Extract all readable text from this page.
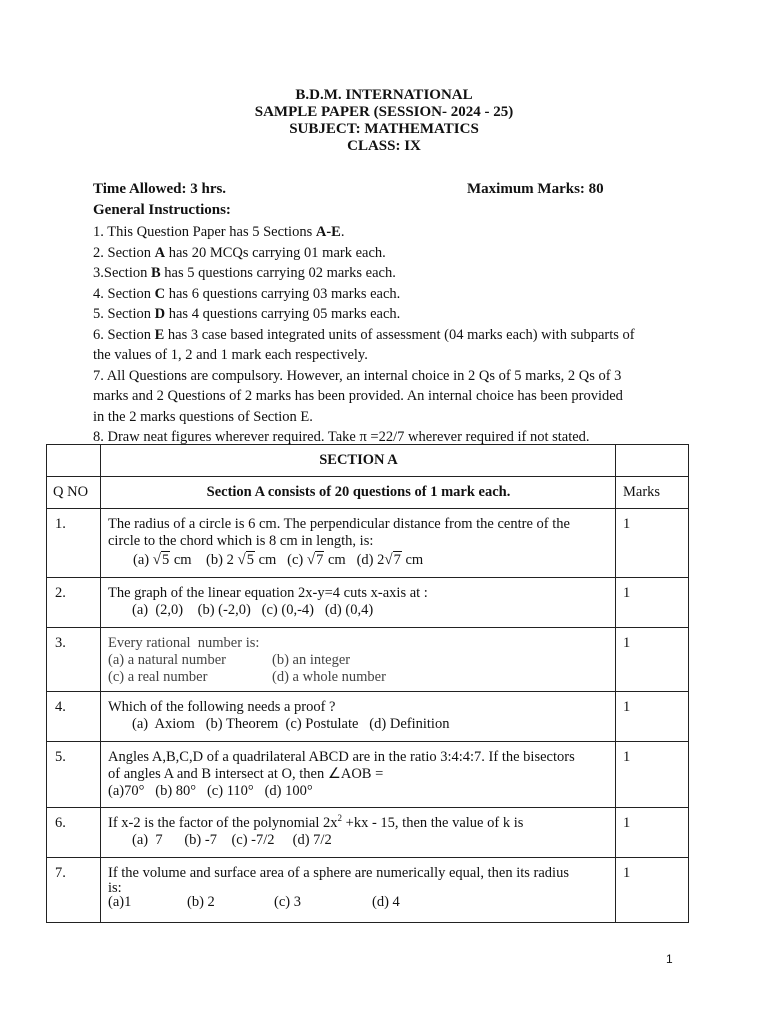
B.D.M. INTERNATIONAL
SAMPLE PAPER (SESSION- 2024 - 25)
SUBJECT: MATHEMATICS
CLASS: IX
Time Allowed: 3 hrs.	Maximum Marks: 80
General Instructions:
1. This Question Paper has 5 Sections A-E.
2. Section A has 20 MCQs carrying 01 mark each.
3.Section B has 5 questions carrying 02 marks each.
4. Section C has 6 questions carrying 03 marks each.
5. Section D has 4 questions carrying 05 marks each.
6. Section E has 3 case based integrated units of assessment (04 marks each) with subparts of
the values of 1, 2 and 1 mark each respectively.
7. All Questions are compulsory. However, an internal choice in 2 Qs of 5 marks, 2 Qs of 3
marks and 2 Questions of 2 marks has been provided. An internal choice has been provided
in the 2 marks questions of Section E.
8. Draw neat figures wherever required. Take π =22/7 wherever required if not stated.

	SECTION A	

Q NO	Section A consists of 20 questions of 1 mark each.	Marks

1.	The radius of a circle is 6 cm. The perpendicular distance from the centre of the
circle to the chord which is 8 cm in length, is:
(a) √5 cm (b) 2 √5 cm (c) √7 cm (d) 2√7 cm	1

2.	The graph of the linear equation 2x-y=4 cuts x-axis at :
(a)  (2,0)    (b) (-2,0)   (c) (0,-4)   (d) (0,4)	1

3.	Every rational  number is:
(a) a natural number (b) an integer
(c) a real number (d) a whole number	1

4.	Which of the following needs a proof ?
(a)  Axiom   (b) Theorem  (c) Postulate   (d) Definition	1

5.	Angles A,B,C,D of a quadrilateral ABCD are in the ratio 3:4:4:7. If the bisectors
of angles A and B intersect at O, then ∠AOB =
(a)70°   (b) 80°   (c) 110°   (d) 100°	1

6.	If x-2 is the factor of the polynomial $2x^2 +kx - 15$, then the value of k is
(a)  7      (b) -7    (c) -7/2     (d) 7/2	1

7.	If the volume and surface area of a sphere are numerically equal, then its radius
is:
(a)1 (b) 2 (c) 3 (d) 4	1
1
